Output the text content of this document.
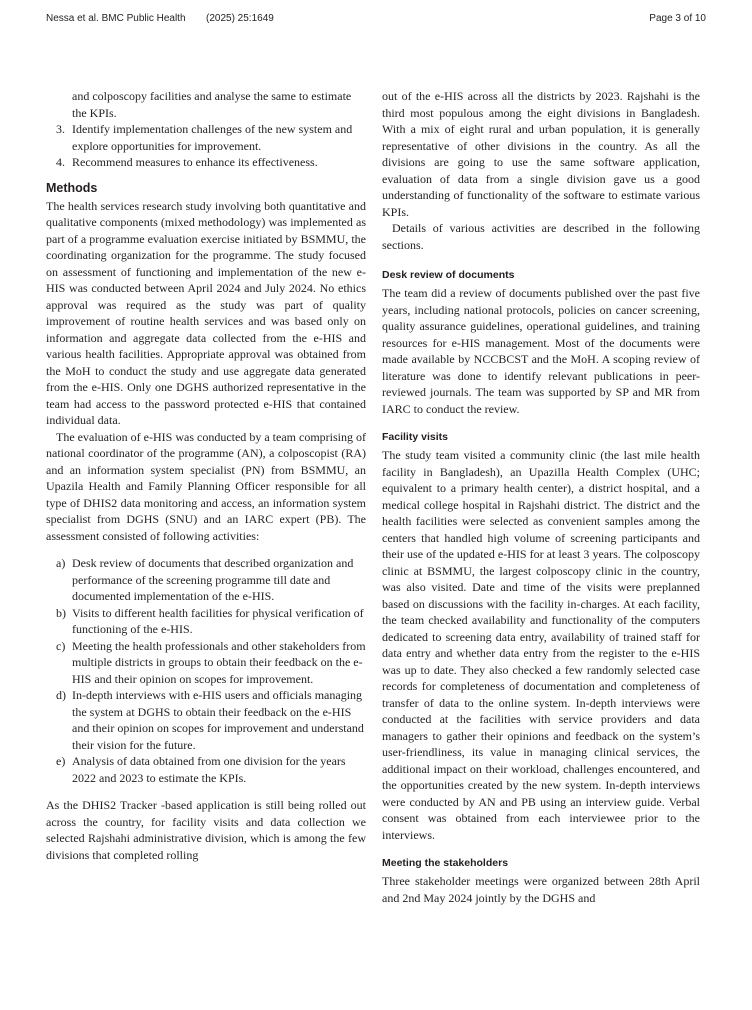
Nessa et al. BMC Public Health (2025) 25:1649	Page 3 of 10

and colposcopy facilities and analyse the same to estimate the KPIs.

3. Identify implementation challenges of the new system and explore opportunities for improvement.
4. Recommend measures to enhance its effectiveness.
Methods

The health services research study involving both quantitative and qualitative components (mixed methodology) was implemented as part of a programme evaluation exercise initiated by BSMMU, the coordinating organization for the programme. The study focused on assessment of functioning and implementation of the new e-HIS was conducted between April 2024 and July 2024. No ethics approval was required as the study was part of quality improvement of routine health services and was based only on information and aggregate data collected from the e-HIS and various health facilities. Appropriate approval was obtained from the MoH to conduct the study and use aggregate data generated from the e-HIS. Only one DGHS authorized representative in the team had access to the password protected e-HIS that contained individual data.

The evaluation of e-HIS was conducted by a team comprising of national coordinator of the programme (AN), a colposcopist (RA) and an information system specialist (PN) from BSMMU, an Upazila Health and Family Planning Officer responsible for all type of DHIS2 data monitoring and access, an information system specialist from DGHS (SNU) and an IARC expert (PB). The assessment consisted of following activities:

a) Desk review of documents that described organization and performance of the screening programme till date and documented implementation of the e-HIS.
b) Visits to different health facilities for physical verification of functioning of the e-HIS.
c) Meeting the health professionals and other stakeholders from multiple districts in groups to obtain their feedback on the e-HIS and their opinion on scopes for improvement.
d) In-depth interviews with e-HIS users and officials managing the system at DGHS to obtain their feedback on the e-HIS and their opinion on scopes for improvement and understand their vision for the future.
e) Analysis of data obtained from one division for the years 2022 and 2023 to estimate the KPIs.

As the DHIS2 Tracker -based application is still being rolled out across the country, for facility visits and data collection we selected Rajshahi administrative division, which is among the few divisions that completed rolling

out of the e-HIS across all the districts by 2023. Rajshahi is the third most populous among the eight divisions in Bangladesh. With a mix of eight rural and urban population, it is generally representative of other divisions in the country. As all the divisions are going to use the same software application, evaluation of data from a single division gave us a good understanding of functionality of the software to estimate various KPIs.

Details of various activities are described in the following sections.

Desk review of documents

The team did a review of documents published over the past five years, including national protocols, policies on cancer screening, quality assurance guidelines, operational guidelines, and training resources for e-HIS management. Most of the documents were made available by NCCBCST and the MoH. A scoping review of literature was done to identify relevant publications in peer-reviewed journals. The team was supported by SP and MR from IARC to conduct the review.

Facility visits

The study team visited a community clinic (the last mile health facility in Bangladesh), an Upazilla Health Complex (UHC; equivalent to a primary health center), a district hospital, and a medical college hospital in Rajshahi district. The district and the health facilities were selected as convenient samples among the centers that handled high volume of screening participants and their use of the updated e-HIS for at least 3 years. The colposcopy clinic at BSMMU, the largest colposcopy clinic in the country, was also visited. Date and time of the visits were preplanned based on discussions with the facility in-charges. At each facility, the team checked availability and functionality of the computers dedicated to screening data entry, availability of trained staff for data entry and whether data entry from the register to the e-HIS was up to date. They also checked a few randomly selected case records for completeness of documentation and completeness of transfer of data to the online system. In-depth interviews were conducted at the facilities with service providers and data managers to gather their opinions and feedback on the system’s user-friendliness, its value in managing clinical services, the additional impact on their workload, challenges encountered, and the opportunities created by the new system. In-depth interviews were conducted by AN and PB using an interview guide. Verbal consent was obtained from each interviewee prior to the interviews.

Meeting the stakeholders

Three stakeholder meetings were organized between 28th April and 2nd May 2024 jointly by the DGHS and
